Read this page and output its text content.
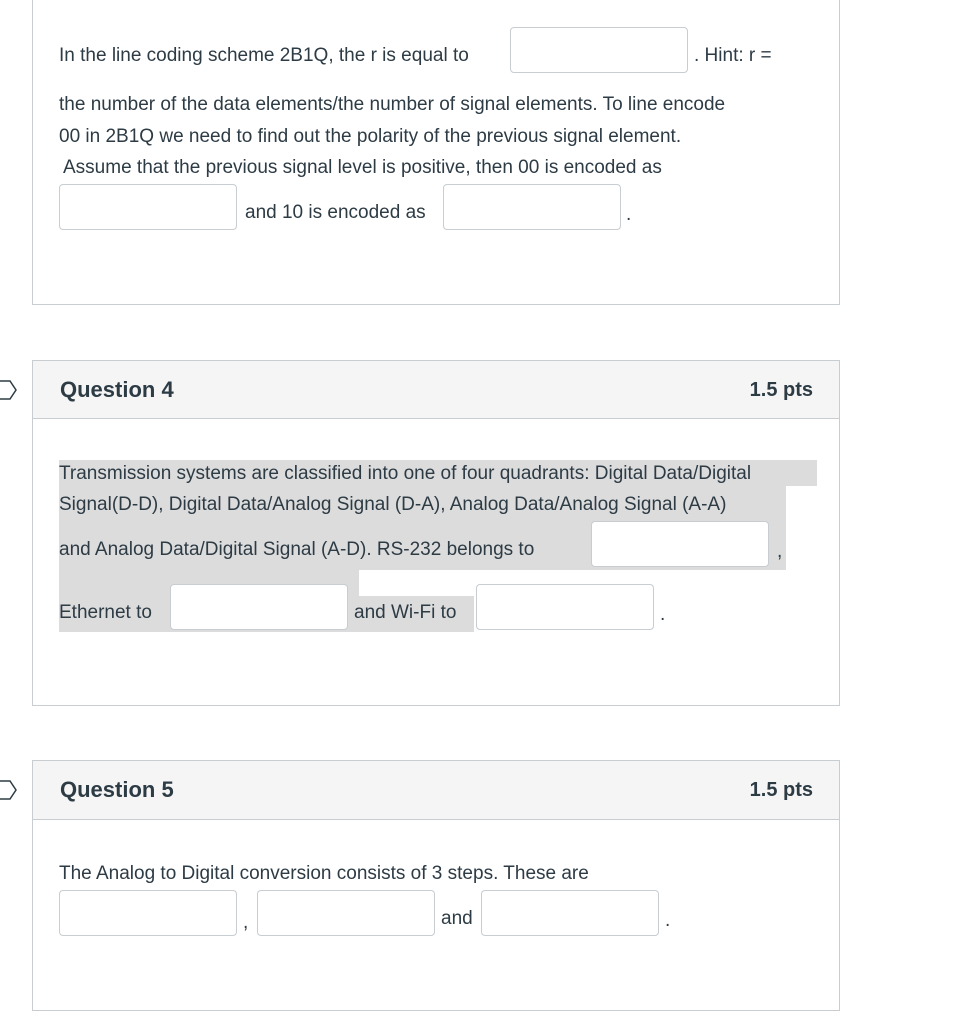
In the line coding scheme 2B1Q, the r is equal to	. Hint: r =
the number of the data elements/the number of signal elements. To line encode
00 in 2B1Q we need to find out the polarity of the previous signal element.
Assume that the previous signal level is positive, then 00 is encoded as
and 10 is encoded as	.
Question 4	1.5 pts
Transmission systems are classified into one of four quadrants: Digital Data/Digital
Signal(D-D), Digital Data/Analog Signal (D-A), Analog Data/Analog Signal (A-A)
and Analog Data/Digital Signal (A-D). RS-232 belongs to	,
Ethernet to	and Wi-Fi to	.
Question 5	1.5 pts
The Analog to Digital conversion consists of 3 steps. These are
,	and	.
